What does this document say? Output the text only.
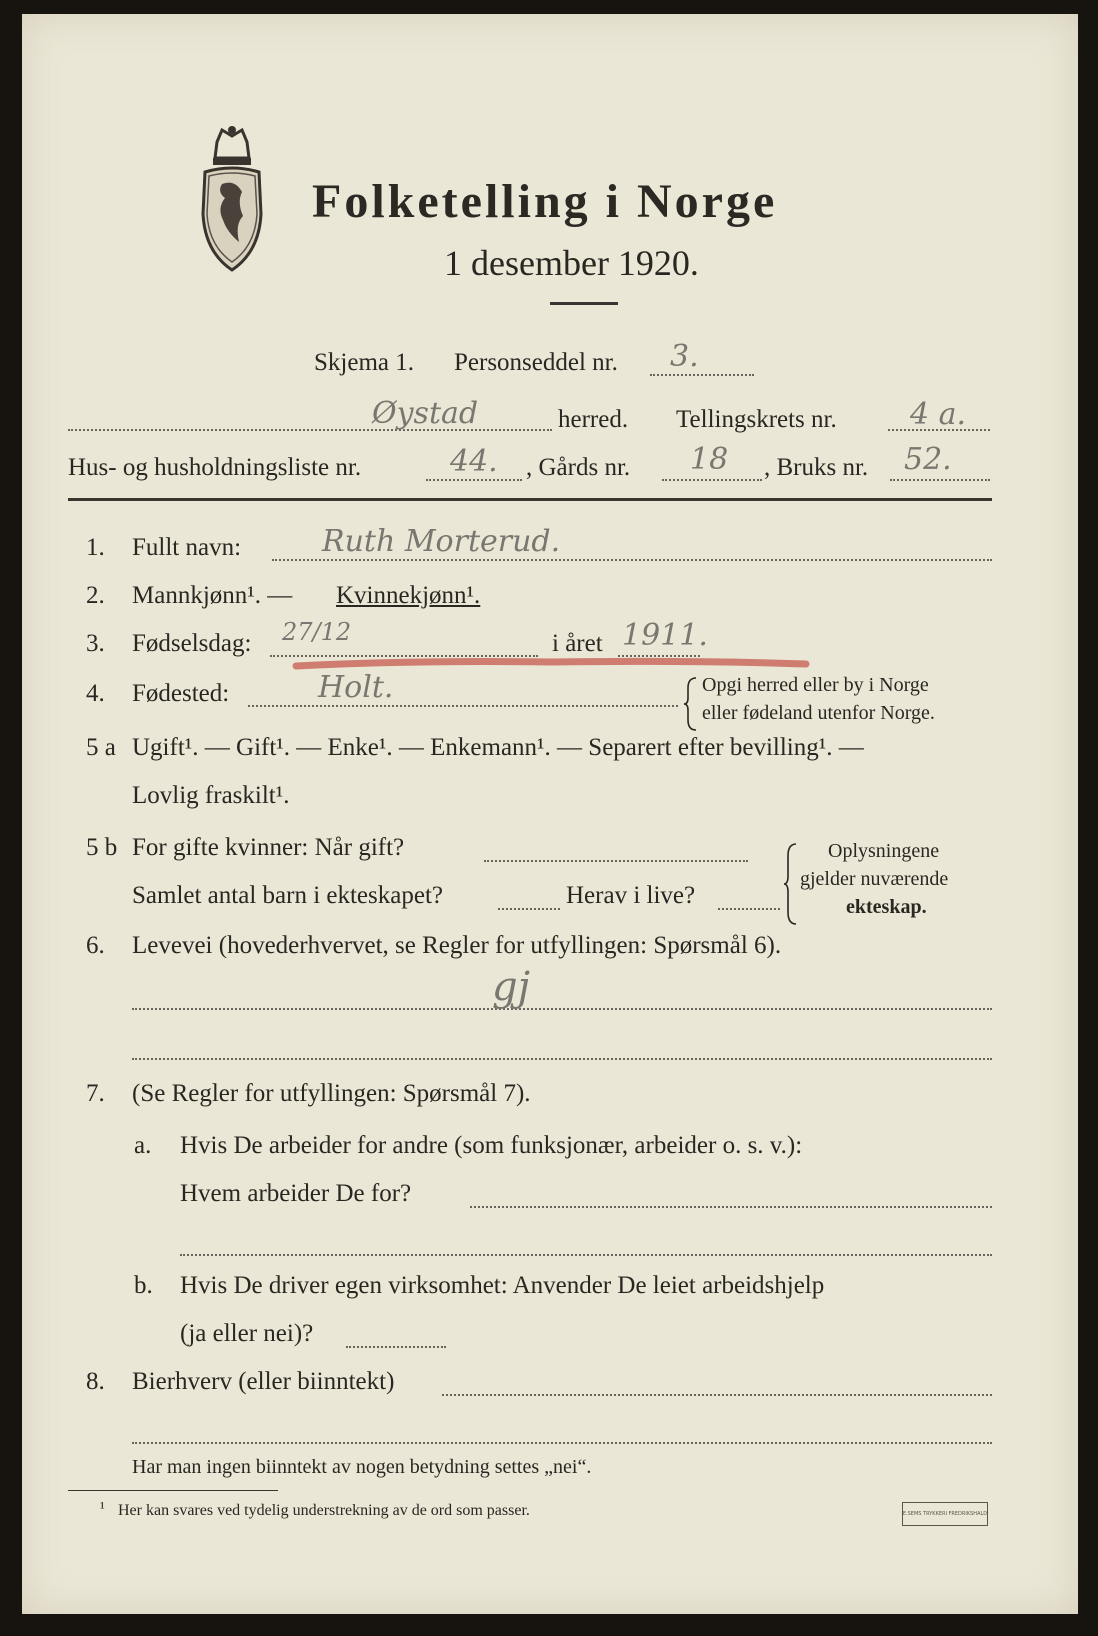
Folketelling i Norge
1 desember 1920.
Skjema 1. Personseddel nr. 3.
Øystad	herred. Tellingskrets nr. 4 a.
Hus- og husholdningsliste nr.	44. , Gårds nr. 18 , Bruks nr. 52.
1. Fullt navn:	Ruth Morterud.
2. Mannkjønn¹. — Kvinnekjønn¹.
3. Fødselsdag: 27/12	i året 1911.
4. Fødested:	Holt.	Opgi herred eller by i Norge
eller fødeland utenfor Norge.
5 a Ugift¹. — Gift¹. — Enke¹. — Enkemann¹. — Separert efter bevilling¹. —
Lovlig fraskilt¹.
5 b For gifte kvinner: Når gift?
Samlet antal barn i ekteskapet?	Herav i live?
Oplysningene
gjelder nuværende
ekteskap.
6. Levevei (hovederhvervet, se Regler for utfyllingen: Spørsmål 6).
gj
7. (Se Regler for utfyllingen: Spørsmål 7).
a. Hvis De arbeider for andre (som funksjonær, arbeider o. s. v.):
Hvem arbeider De for?
b. Hvis De driver egen virksomhet: Anvender De leiet arbeidshjelp
(ja eller nei)?
8. Bierhverv (eller biinntekt)
Har man ingen biinntekt av nogen betydning settes „nei“.
¹ Her kan svares ved tydelig understrekning av de ord som passer.	E.SEMS TRYKKERI FREDRIKSHALD
